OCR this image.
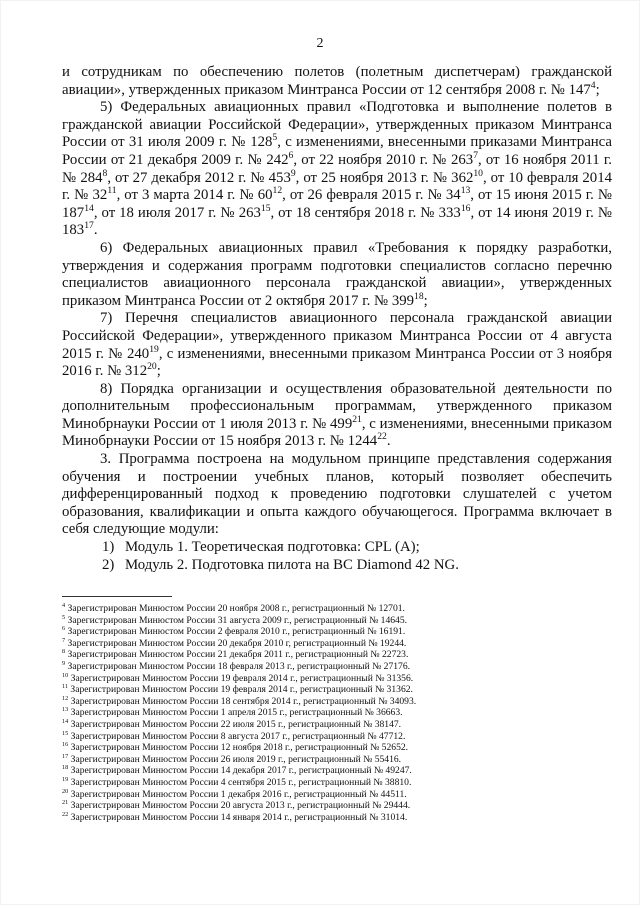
2

и сотрудникам по обеспечению полетов (полетным диспетчерам) гражданской авиации», утвержденных приказом Минтранса России от 12 сентября 2008 г. № $147^4$;

5) Федеральных авиационных правил «Подготовка и выполнение полетов в гражданской авиации Российской Федерации», утвержденных приказом Минтранса России от 31 июля 2009 г. № $128^5$, с изменениями, внесенными приказами Минтранса России от 21 декабря 2009 г. № $242^6$, от 22 ноября 2010 г. № $263^7$, от 16 ноября 2011 г. № $284^8$, от 27 декабря 2012 г. № $453^9$, от 25 ноября 2013 г. № $362^{10}$, от 10 февраля 2014 г. № $32^{11}$, от 3 марта 2014 г. № $60^{12}$, от 26 февраля 2015 г. № $34^{13}$, от 15 июня 2015 г. № $187^{14}$, от 18 июля 2017 г. № $263^{15}$, от 18 сентября 2018 г. № $333^{16}$, от 14 июня 2019 г. № $183^{17}$.

6) Федеральных авиационных правил «Требования к порядку разработки, утверждения и содержания программ подготовки специалистов согласно перечню специалистов авиационного персонала гражданской авиации», утвержденных приказом Минтранса России от 2 октября 2017 г. № $399^{18}$;

7) Перечня специалистов авиационного персонала гражданской авиации Российской Федерации», утвержденного приказом Минтранса России от 4 августа 2015 г. № $240^{19}$, с изменениями, внесенными приказом Минтранса России от 3 ноября 2016 г. № $312^{20}$;

8) Порядка организации и осуществления образовательной деятельности по дополнительным профессиональным программам, утвержденного приказом Минобрнауки России от 1 июля 2013 г. № $499^{21}$, с изменениями, внесенными приказом Минобрнауки России от 15 ноября 2013 г. № 1244$^{22}$.

3. Программа построена на модульном принципе представления содержания обучения и построении учебных планов, который позволяет обеспечить дифференцированный подход к проведению подготовки слушателей с учетом образования, квалификации и опыта каждого обучающегося. Программа включает в себя следующие модули:

1) Модуль 1. Теоретическая подготовка: CPL (A);
2) Модуль 2. Подготовка пилота на ВС Diamond 42 NG.
$^4$ Зарегистрирован Минюстом России 20 ноября 2008 г., регистрационный № 12701.
$^5$ Зарегистрирован Минюстом России 31 августа 2009 г., регистрационный № 14645.
$^6$ Зарегистрирован Минюстом России 2 февраля 2010 г., регистрационный № 16191.
$^7$ Зарегистрирован Минюстом России 20 декабря 2010 г, регистрационный № 19244.
$^8$ Зарегистрирован Минюстом России 21 декабря 2011 г., регистрационный № 22723.
$^9$ Зарегистрирован Минюстом России 18 февраля 2013 г., регистрационный № 27176.
$^{10}$ Зарегистрирован Минюстом России 19 февраля 2014 г., регистрационный № 31356.
$^{11}$ Зарегистрирован Минюстом России 19 февраля 2014 г., регистрационный № 31362.
$^{12}$ Зарегистрирован Минюстом России 18 сентября 2014 г., регистрационный № 34093.
$^{13}$ Зарегистрирован Минюстом России 1 апреля 2015 г., регистрационный № 36663.
$^{14}$ Зарегистрирован Минюстом России 22 июля 2015 г., регистрационный № 38147.
$^{15}$ Зарегистрирован Минюстом России 8 августа 2017 г., регистрационный № 47712.
$^{16}$ Зарегистрирован Минюстом России 12 ноября 2018 г., регистрационный № 52652.
$^{17}$ Зарегистрирован Минюстом России 26 июля 2019 г., регистрационный № 55416.
$^{18}$ Зарегистрирован Минюстом России 14 декабря 2017 г., регистрационный № 49247.
$^{19}$ Зарегистрирован Минюстом России 4 сентября 2015 г., регистрационный № 38810.
$^{20}$ Зарегистрирован Минюстом России 1 декабря 2016 г., регистрационный № 44511.
$^{21}$ Зарегистрирован Минюстом России 20 августа 2013 г., регистрационный № 29444.
$^{22}$ Зарегистрирован Минюстом России 14 января 2014 г., регистрационный № 31014.
